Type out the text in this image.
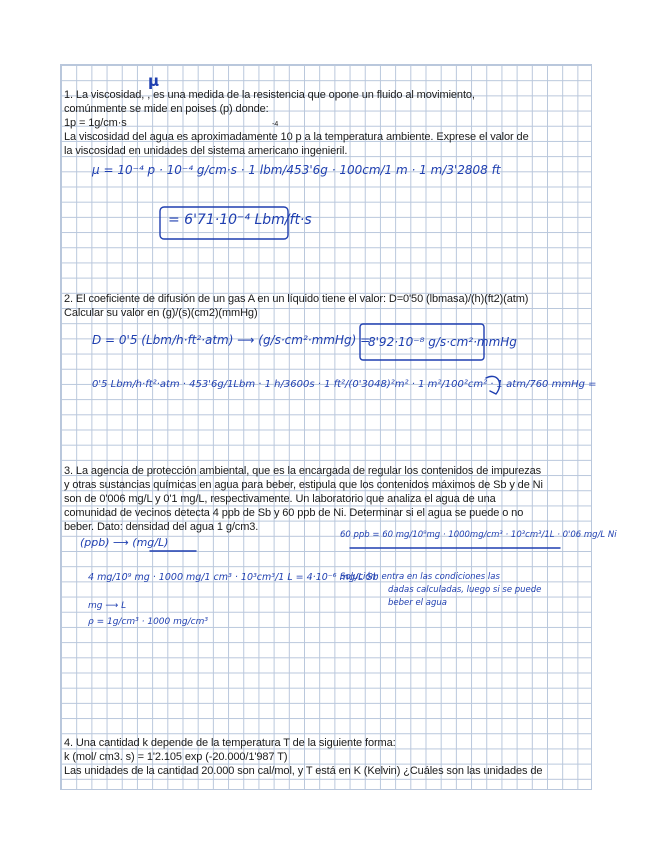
1. La viscosidad, , es una medida de la resistencia que opone un fluido al movimiento,

μ

comúnmente se mide en poises (p) donde:

1p = 1g/cm·s	-4

La viscosidad del agua es aproximadamente 10 p a la temperatura ambiente. Exprese el valor de

la viscosidad en unidades del sistema americano ingenieril.

μ = 10⁻⁴ p · 10⁻⁴ g/cm·s · 1 lbm/453'6g · 100cm/1 m · 1 m/3'2808 ft
= 6'71·10⁻⁴ Lbm/ft·s

2. El coeficiente de difusión de un gas A en un líquido tiene el valor: D=0'50 (lbmasa)/(h)(ft2)(atm)

Calcular su valor en (g)/(s)(cm2)(mmHg)

D = 0'5 (Lbm/h·ft²·atm) ⟶ (g/s·cm²·mmHg) =
8'92·10⁻⁸ g/s·cm²·mmHg
0'5 Lbm/h·ft²·atm · 453'6g/1Lbm · 1 h/3600s · 1 ft²/(0'3048)²m² · 1 m²/100²cm² · 1 atm/760 mmHg =

3. La agencia de protección ambiental, que es la encargada de regular los contenidos de impurezas

y otras sustancias químicas en agua para beber, estipula que los contenidos máximos de Sb y de Ni

son de 0'006 mg/L y 0'1 mg/L, respectivamente. Un laboratorio que analiza el agua de una

comunidad de vecinos detecta 4 ppb de Sb y 60 ppb de Ni. Determinar si el agua se puede o no

beber. Dato: densidad del agua 1 g/cm3.

(ppb) ⟶ (mg/L)
60 ppb = 60 mg/10⁹mg · 1000mg/cm³ · 10³cm³/1L · 0'06 mg/L Ni
4 mg/10⁹ mg · 1000 mg/1 cm³ · 10³cm³/1 L = 4·10⁻⁶ mg/L Sb
Solución: entra en las condiciones las
dadas calculadas, luego si se puede
beber el agua
mg ⟶ L
ρ = 1g/cm³ · 1000 mg/cm³

4. Una cantidad k depende de la temperatura T de la siguiente forma:

k (mol/ cm3. s) = 1'2.105 exp (-20.000/1'987 T)

Las unidades de la cantidad 20.000 son cal/mol, y T está en K (Kelvin) ¿Cuáles son las unidades de
